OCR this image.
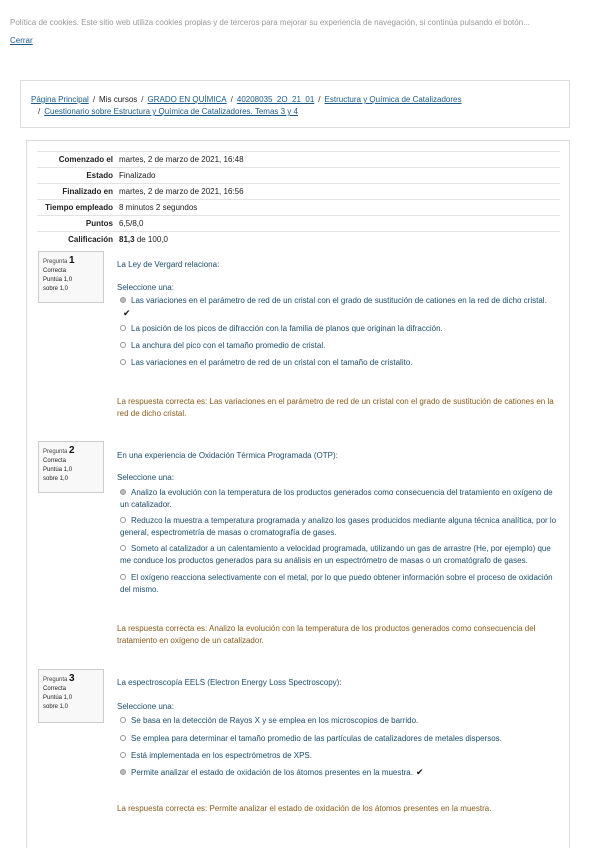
Política de cookies. Este sitio web utiliza cookies propias y de terceros para mejorar su experiencia de navegación, si continúa pulsando el botón...
Cerrar
Página Principal / Mis cursos / GRADO EN QUÍMICA / 40208035_2O_21_01 / Estructura y Química de Catalizadores
/ Cuestionario sobre Estructura y Química de Catalizadores. Temas 3 y 4
Comenzado el	martes, 2 de marzo de 2021, 16:48
Estado	Finalizado
Finalizado en	martes, 2 de marzo de 2021, 16:56
Tiempo empleado	8 minutos 2 segundos
Puntos	6,5/8,0
Calificación	81,3 de 100,0
Pregunta 1
Correcta
Puntúa 1,0
sobre 1,0
La Ley de Vergard relaciona:
Seleccione una:
Las variaciones en el parámetro de red de un cristal con el grado de sustitución de cationes en la red de dicho cristal.
✔
La posición de los picos de difracción con la familia de planos que originan la difracción.
La anchura del pico con el tamaño promedio de cristal.
Las variaciones en el parámetro de red de un cristal con el tamaño de cristalito.
La respuesta correcta es: Las variaciones en el parámetro de red de un cristal con el grado de sustitución de cationes en la red de dicho cristal.
Pregunta 2
Correcta
Puntúa 1,0
sobre 1,0
En una experiencia de Oxidación Térmica Programada (OTP):
Seleccione una:
Analizo la evolución con la temperatura de los productos generados como consecuencia del tratamiento en oxígeno de un catalizador.
Reduzco la muestra a temperatura programada y analizo los gases producidos mediante alguna técnica analítica, por lo general, espectrometría de masas o cromatografía de gases.
Someto al catalizador a un calentamiento a velocidad programada, utilizando un gas de arrastre (He, por ejemplo) que me conduce los productos generados para su análisis en un espectrómetro de masas o un cromatógrafo de gases.
El oxígeno reacciona selectivamente con el metal, por lo que puedo obtener información sobre el proceso de oxidación del mismo.
La respuesta correcta es: Analizo la evolución con la temperatura de los productos generados como consecuencia del tratamiento en oxígeno de un catalizador.
Pregunta 3
Correcta
Puntúa 1,0
sobre 1,0
La espectroscopía EELS (Electron Energy Loss Spectroscopy):
Seleccione una:
Se basa en la detección de Rayos X y se emplea en los microscopios de barrido.
Se emplea para determinar el tamaño promedio de las partículas de catalizadores de metales dispersos.
Está implementada en los espectrómetros de XPS.
Permite analizar el estado de oxidación de los átomos presentes en la muestra. ✔
La respuesta correcta es: Permite analizar el estado de oxidación de los átomos presentes en la muestra.
